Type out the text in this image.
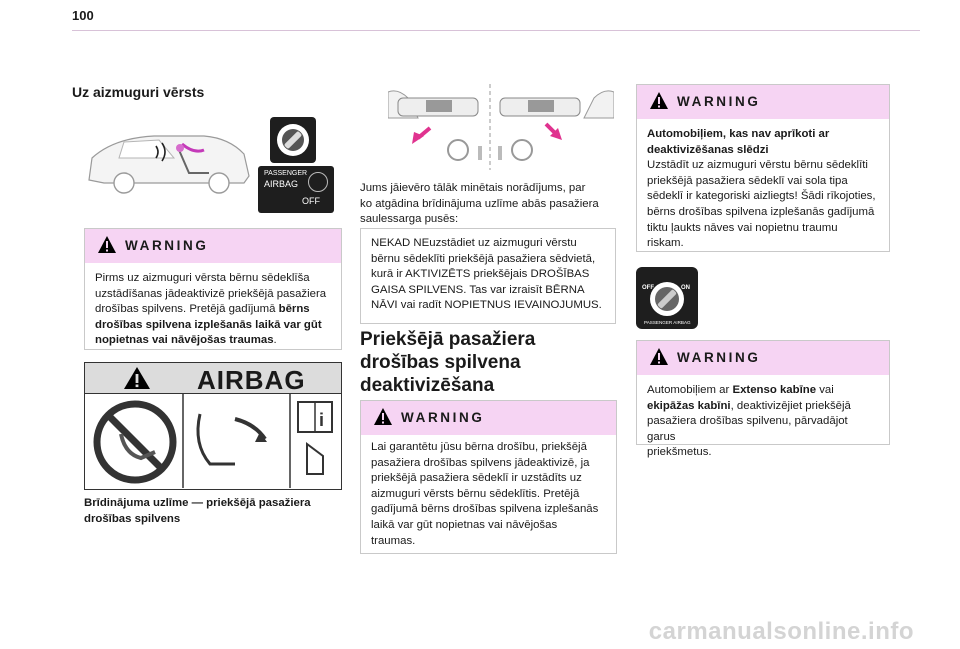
100
Uz aizmuguri vērsts
PASSENGER
AIRBAG
OFF
WARNING
Pirms uz aizmuguri vērsta bērnu sēdeklīša
uzstādīšanas jādeaktivizē priekšējā pasažiera
drošības spilvens. Pretējā gadījumā bērns
drošības spilvena izplešanās laikā var gūt
nopietnas vai nāvējošas traumas.
AIRBAG
i
Brīdinājuma uzlīme — priekšējā pasažiera
drošības spilvens
Jums jāievēro tālāk minētais norādījums, par
ko atgādina brīdinājuma uzlīme abās pasažiera
saulessarga pusēs:
NEKAD NEuzstādiet uz aizmuguri vērstu
bērnu sēdeklīti priekšējā pasažiera sēdvietā,
kurā ir AKTIVIZĒTS priekšējais DROŠĪBAS
GAISA SPILVENS. Tas var izraisīt BĒRNA
NĀVI vai radīt NOPIETNUS IEVAINOJUMUS.
Priekšējā pasažiera
drošības spilvena
deaktivizēšana
WARNING
Lai garantētu jūsu bērna drošību, priekšējā
pasažiera drošības spilvens jādeaktivizē, ja
priekšējā pasažiera sēdeklī ir uzstādīts uz
aizmuguri vērsts bērnu sēdeklītis. Pretējā
gadījumā bērns drošības spilvena izplešanās
laikā var gūt nopietnas vai nāvējošas
traumas.
WARNING
Automobiļiem, kas nav aprīkoti ar
deaktivizēšanas slēdzi
Uzstādīt uz aizmuguri vērstu bērnu sēdeklīti
priekšējā pasažiera sēdeklī vai sola tipa
sēdeklī ir kategoriski aizliegts! Šādi rīkojoties,
bērns drošības spilvena izplešanās gadījumā
tiktu ļaukts nāves vai nopietnu traumu
riskam.
OFF	ON
PASSENGER AIRBAG
WARNING
Automobiļiem ar Extenso kabīne vai
ekipāžas kabīni, deaktivizējiet priekšējā
pasažiera drošības spilvenu, pārvadājot garus
priekšmetus.
carmanualsonline.info
